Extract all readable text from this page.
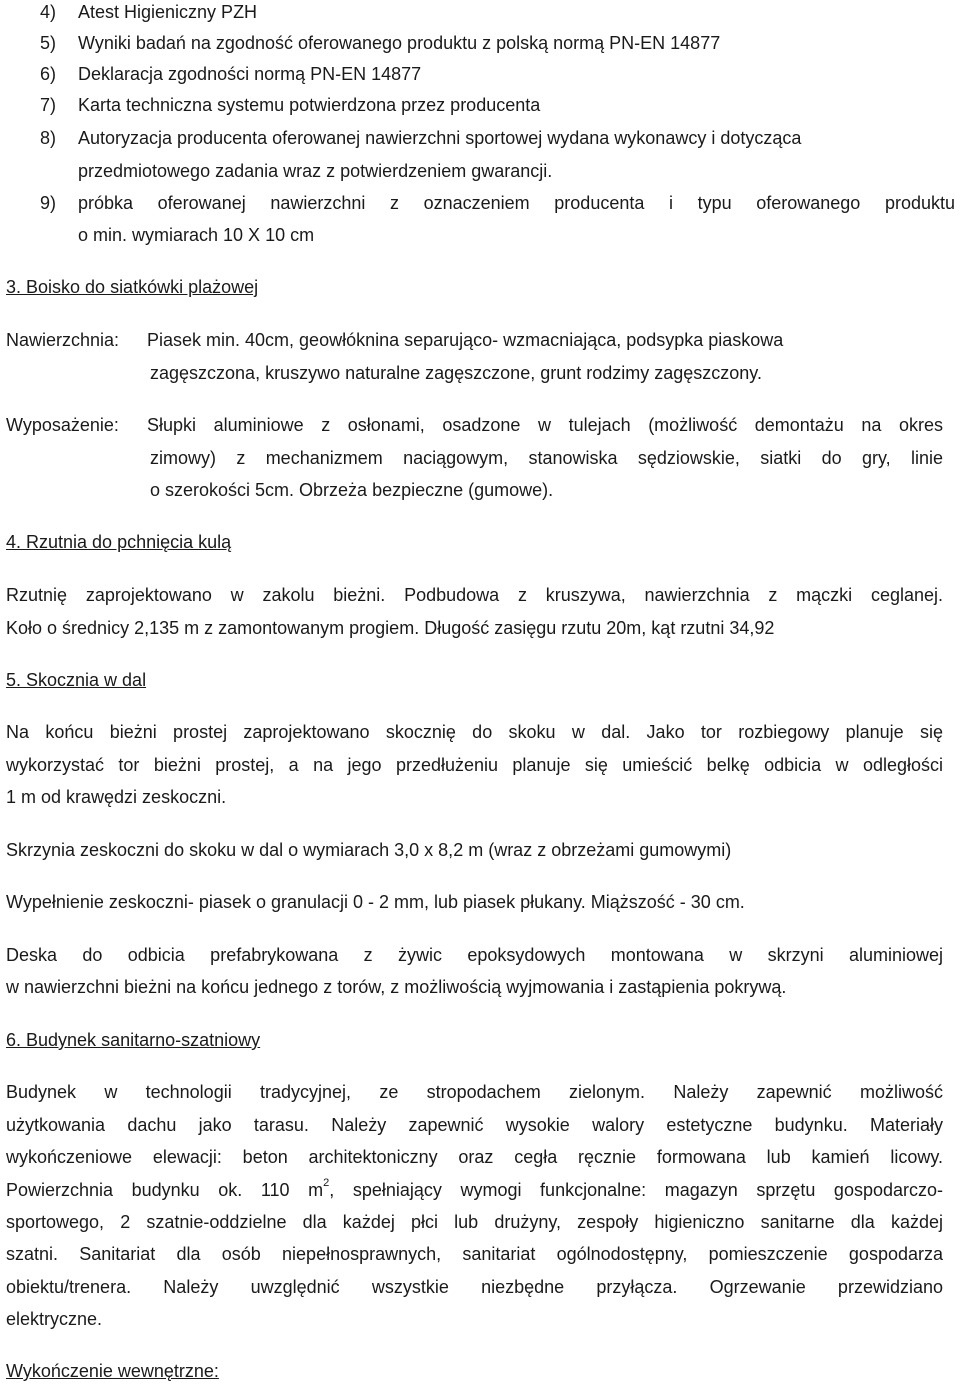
4) Atest Higieniczny PZH
5) Wyniki badań na zgodność oferowanego produktu z polską normą PN-EN 14877
6) Deklaracja zgodności normą PN-EN 14877
7) Karta techniczna systemu potwierdzona przez producenta
8) Autoryzacja producenta oferowanej nawierzchni sportowej wydana wykonawcy i dotycząca
przedmiotowego zadania wraz z potwierdzeniem gwarancji.
9) próbka oferowanej nawierzchni z oznaczeniem producenta i typu oferowanego produktu
o min. wymiarach 10 X 10 cm
3. Boisko do siatkówki plażowej
Nawierzchnia: Piasek min. 40cm, geowłóknina separująco- wzmacniająca, podsypka piaskowa
zagęszczona, kruszywo naturalne zagęszczone, grunt rodzimy zagęszczony.
Wyposażenie: Słupki aluminiowe z osłonami, osadzone w tulejach (możliwość demontażu na okres
zimowy) z mechanizmem naciągowym, stanowiska sędziowskie, siatki do gry, linie
o szerokości 5cm. Obrzeża bezpieczne (gumowe).
4. Rzutnia do pchnięcia kulą
Rzutnię zaprojektowano w zakolu bieżni. Podbudowa z kruszywa, nawierzchnia z mączki ceglanej.
Koło o średnicy 2,135 m z zamontowanym progiem. Długość zasięgu rzutu 20m, kąt rzutni 34,92
5. Skocznia w dal
Na końcu bieżni prostej zaprojektowano skocznię do skoku w dal. Jako tor rozbiegowy planuje się
wykorzystać tor bieżni prostej, a na jego przedłużeniu planuje się umieścić belkę odbicia w odległości
1 m od krawędzi zeskoczni.
Skrzynia zeskoczni do skoku w dal o wymiarach 3,0 x 8,2 m (wraz z obrzeżami gumowymi)
Wypełnienie zeskoczni- piasek o granulacji 0 - 2 mm, lub piasek płukany. Miąższość - 30 cm.
Deska do odbicia prefabrykowana z żywic epoksydowych montowana w skrzyni aluminiowej
w nawierzchni bieżni na końcu jednego z torów, z możliwością wyjmowania i zastąpienia pokrywą.
6. Budynek sanitarno-szatniowy
Budynek w technologii tradycyjnej, ze stropodachem zielonym. Należy zapewnić możliwość
użytkowania dachu jako tarasu. Należy zapewnić wysokie walory estetyczne budynku. Materiały
wykończeniowe elewacji: beton architektoniczny oraz cegła ręcznie formowana lub kamień licowy.
Powierzchnia budynku ok. 110 $m^2$, spełniający wymogi funkcjonalne: magazyn sprzętu gospodarczo-
sportowego, 2 szatnie-oddzielne dla każdej płci lub drużyny, zespoły higieniczno sanitarne dla każdej
szatni. Sanitariat dla osób niepełnosprawnych, sanitariat ogólnodostępny, pomieszczenie gospodarza
obiektu/trenera. Należy uwzględnić wszystkie niezbędne przyłącza. Ogrzewanie przewidziano
elektryczne.
Wykończenie wewnętrzne:
